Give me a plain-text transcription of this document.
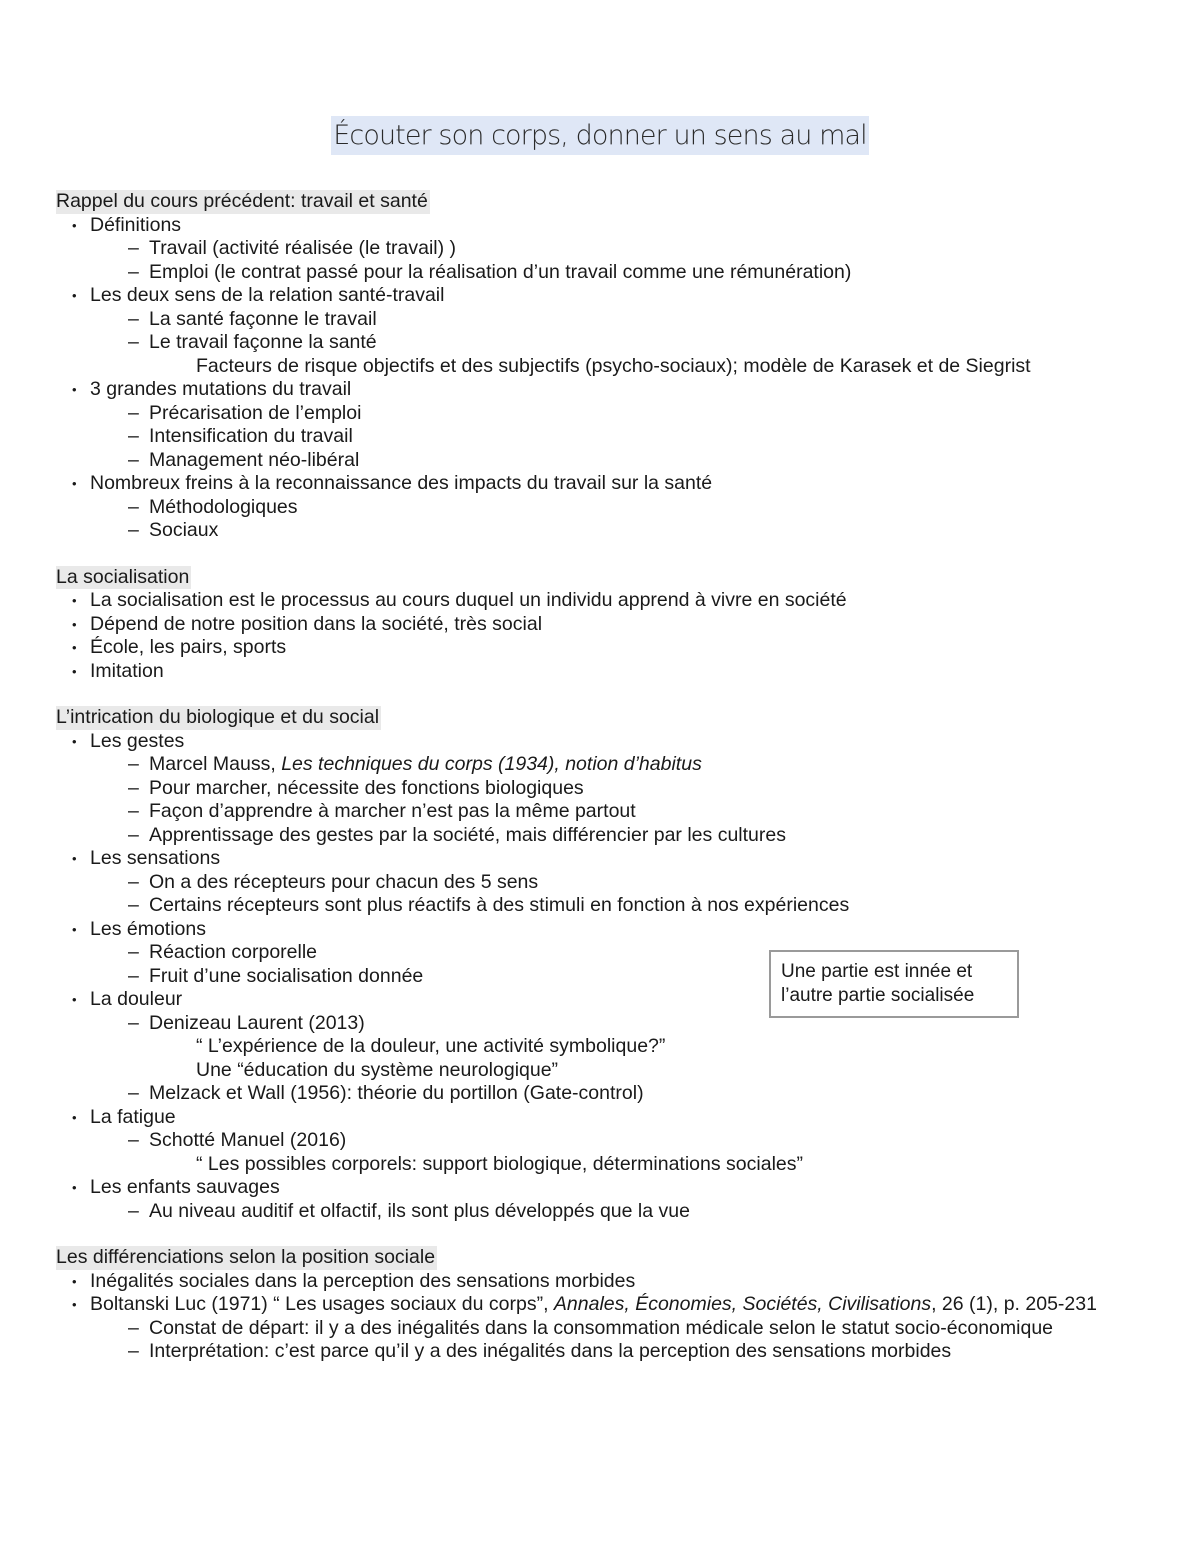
Écouter son corps, donner un sens au mal
Rappel du cours précédent: travail et santé
• Définitions
– Travail (activité réalisée (le travail) )
– Emploi (le contrat passé pour la réalisation d’un travail comme une rémunération)
• Les deux sens de la relation santé-travail
– La santé façonne le travail
– Le travail façonne la santé
Facteurs de risque objectifs et des subjectifs (psycho-sociaux); modèle de Karasek et de Siegrist
• 3 grandes mutations du travail
– Précarisation de l’emploi
– Intensification du travail
– Management néo-libéral
• Nombreux freins à la reconnaissance des impacts du travail sur la santé
– Méthodologiques
– Sociaux
La socialisation
• La socialisation est le processus au cours duquel un individu apprend à vivre en société
• Dépend de notre position dans la société, très social
• École, les pairs, sports
• Imitation
L’intrication du biologique et du social
• Les gestes
– Marcel Mauss, Les techniques du corps (1934), notion d’habitus
– Pour marcher, nécessite des fonctions biologiques
– Façon d’apprendre à marcher n’est pas la même partout
– Apprentissage des gestes par la société, mais différencier par les cultures
• Les sensations
– On a des récepteurs pour chacun des 5 sens
– Certains récepteurs sont plus réactifs à des stimuli en fonction à nos expériences
• Les émotions
– Réaction corporelle
– Fruit d’une socialisation donnée
• La douleur
– Denizeau Laurent (2013)
“ L’expérience de la douleur, une activité symbolique?”
Une “éducation du système neurologique”
– Melzack et Wall (1956): théorie du portillon (Gate-control)
• La fatigue
– Schotté Manuel (2016)
“ Les possibles corporels: support biologique, déterminations sociales”
• Les enfants sauvages
– Au niveau auditif et olfactif, ils sont plus développés que la vue
Les différenciations selon la position sociale
• Inégalités sociales dans la perception des sensations morbides
• Boltanski Luc (1971) “ Les usages sociaux du corps”, Annales, Économies, Sociétés, Civilisations, 26 (1), p. 205-231
– Constat de départ: il y a des inégalités dans la consommation médicale selon le statut socio-économique
– Interprétation: c’est parce qu’il y a des inégalités dans la perception des sensations morbides
Une partie est innée et l’autre partie socialisée
